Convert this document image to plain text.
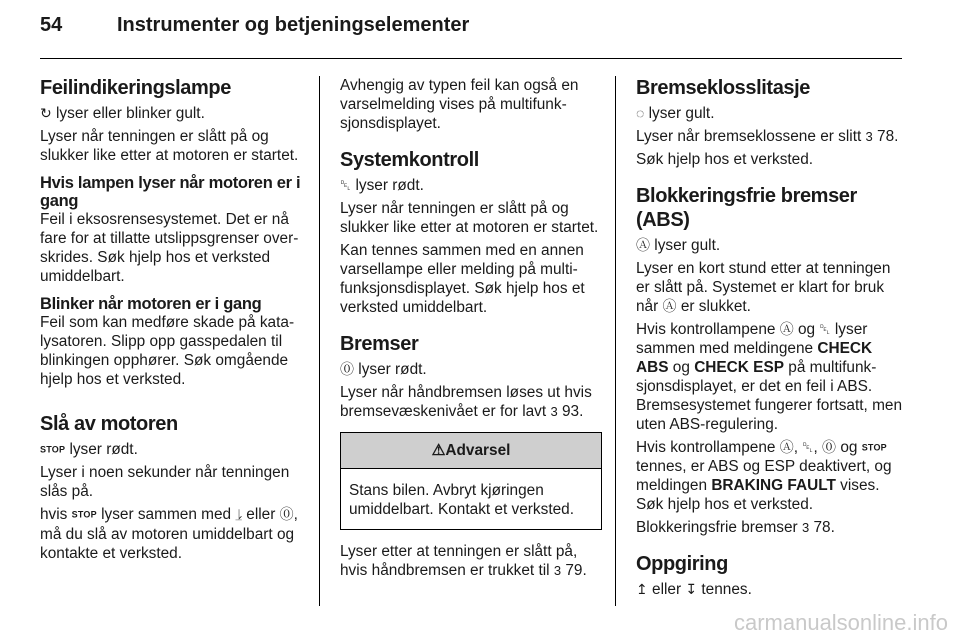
54	Instrumenter og betjeningselementer
Feilindikeringslampe

↻ lyser eller blinker gult.

Lyser når tenningen er slått på og slukker like etter at motoren er startet.

Hvis lampen lyser når motoren er i gang

Feil i eksosrensesystemet. Det er nå fare for at tillatte utslippsgrenser overskrides. Søk hjelp hos et verksted umiddelbart.

Blinker når motoren er i gang

Feil som kan medføre skade på katalysatoren. Slipp opp gasspedalen til blinkingen opphører. Søk omgående hjelp hos et verksted.

Slå av motoren

STOP lyser rødt.

Lyser i noen sekunder når tenningen slås på.

hvis STOP lyser sammen med ⥕ eller ⓪, må du slå av motoren umiddelbart og kontakte et verksted.

Avhengig av typen feil kan også en varselmelding vises på multifunksjonsdisplayet.

Systemkontroll

␡ lyser rødt.

Lyser når tenningen er slått på og slukker like etter at motoren er startet.

Kan tennes sammen med en annen varsellampe eller melding på multifunksjonsdisplayet. Søk hjelp hos et verksted umiddelbart.

Bremser

⓪ lyser rødt.

Lyser når håndbremsen løses ut hvis bremsevæskenivået er for lavt 3 93.

⚠Advarsel
Stans bilen. Avbryt kjøringen umiddelbart. Kontakt et verksted.

Lyser etter at tenningen er slått på, hvis håndbremsen er trukket til 3 79.

Bremseklosslitasje

◌ lyser gult.

Lyser når bremseklossene er slitt 3 78.

Søk hjelp hos et verksted.

Blokkeringsfrie bremser (ABS)

Ⓐ lyser gult.

Lyser en kort stund etter at tenningen er slått på. Systemet er klart for bruk når Ⓐ er slukket.

Hvis kontrollampene Ⓐ og ␡ lyser sammen med meldingene CHECK ABS og CHECK ESP på multifunksjonsdisplayet, er det en feil i ABS. Bremsesystemet fungerer fortsatt, men uten ABS-regulering.

Hvis kontrollampene Ⓐ, ␡, ⓪ og STOP tennes, er ABS og ESP deaktivert, og meldingen BRAKING FAULT vises. Søk hjelp hos et verksted.

Blokkeringsfrie bremser 3 78.

Oppgiring

↥ eller ↧ tennes.

carmanualsonline.info
